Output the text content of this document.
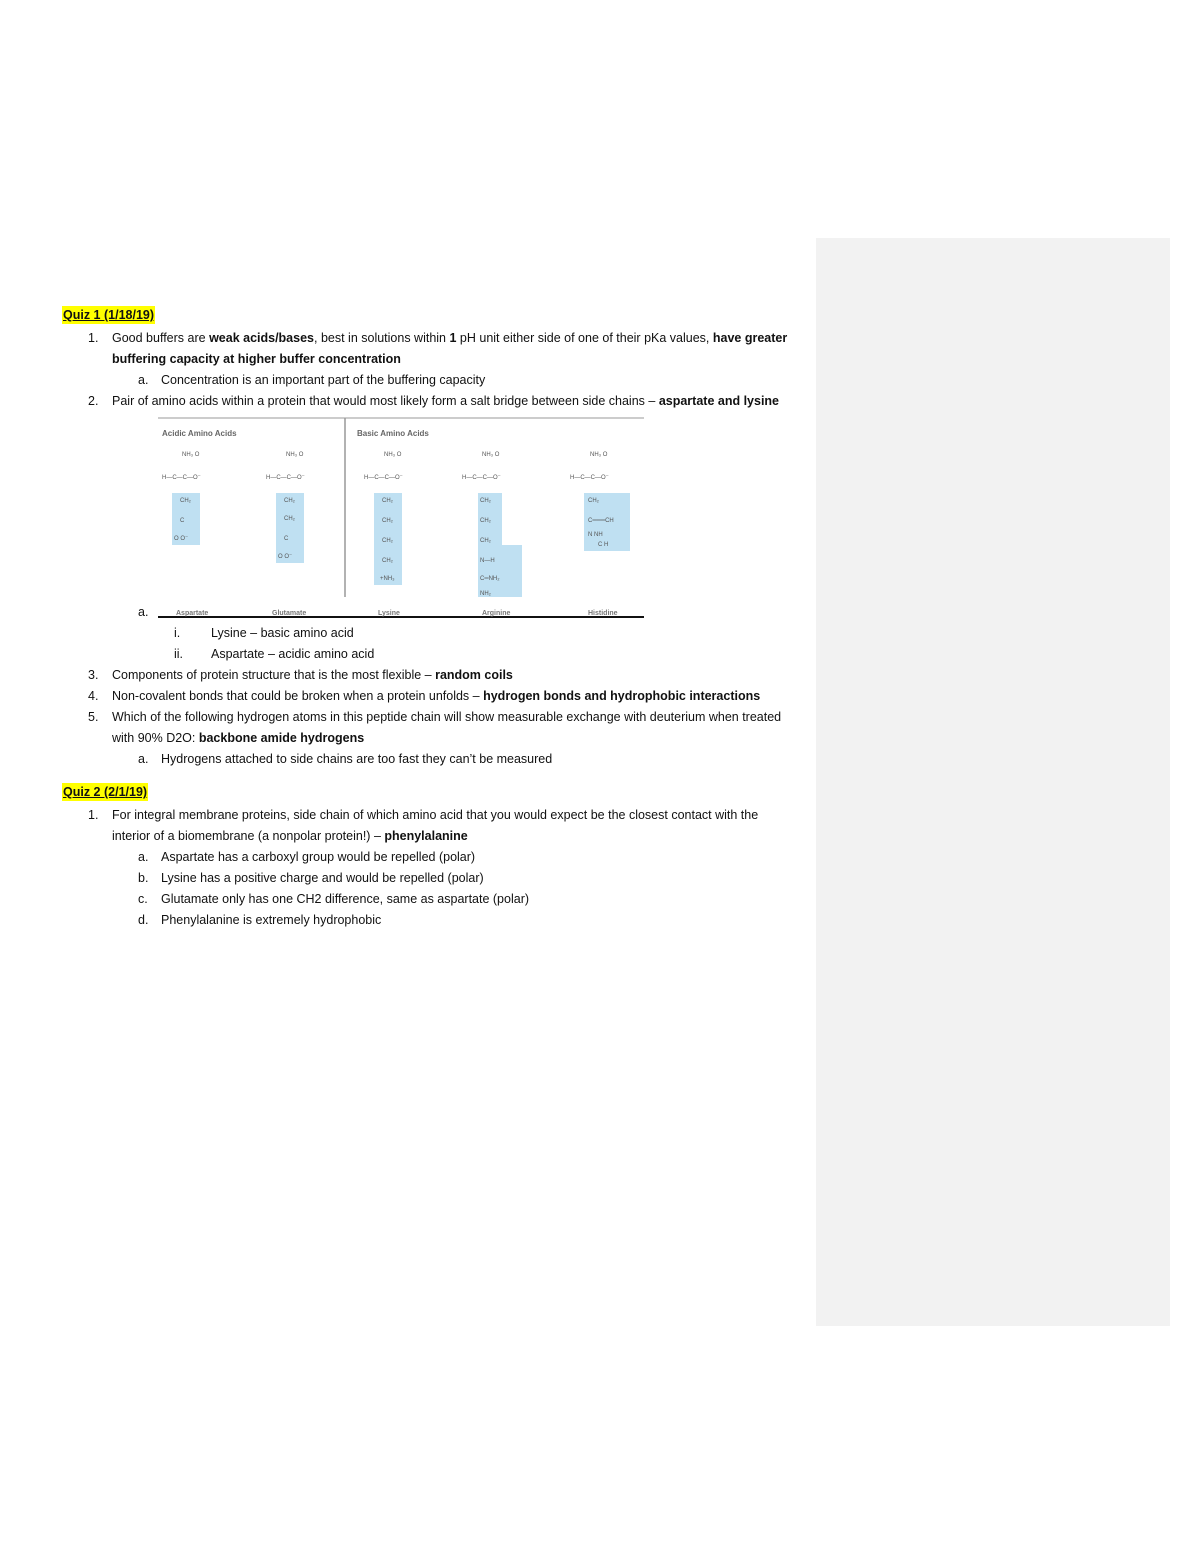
Quiz 1 (1/18/19)
1. Good buffers are weak acids/bases, best in solutions within 1 pH unit either side of one of their pKa values, have greater buffering capacity at higher buffer concentration
a. Concentration is an important part of the buffering capacity
2. Pair of amino acids within a protein that would most likely form a salt bridge between side chains – aspartate and lysine
a.
Acidic Amino Acids	Basic Amino Acids
NH₃ O
H—C—C—O⁻
CH₂
C
O O⁻
NH₃ O
H—C—C—O⁻
CH₂
CH₂
C
O O⁻
NH₃ O
H—C—C—O⁻
CH₂
CH₂
CH₂
CH₂
+NH₃
NH₃ O
H—C—C—O⁻
CH₂
CH₂
CH₂
N—H
C═NH₂
NH₂
NH₃ O
H—C—C—O⁻
CH₂
C═══CH
N NH
C H
Aspartate	Glutamate	Lysine	Arginine	Histidine
i. Lysine – basic amino acid
ii. Aspartate – acidic amino acid
3. Components of protein structure that is the most flexible – random coils
4. Non-covalent bonds that could be broken when a protein unfolds – hydrogen bonds and hydrophobic interactions
5. Which of the following hydrogen atoms in this peptide chain will show measurable exchange with deuterium when treated with 90% D2O: backbone amide hydrogens
a. Hydrogens attached to side chains are too fast they can’t be measured
Quiz 2 (2/1/19)
1. For integral membrane proteins, side chain of which amino acid that you would expect be the closest contact with the interior of a biomembrane (a nonpolar protein!) – phenylalanine
a. Aspartate has a carboxyl group would be repelled (polar)
b. Lysine has a positive charge and would be repelled (polar)
c. Glutamate only has one CH2 difference, same as aspartate (polar)
d. Phenylalanine is extremely hydrophobic
